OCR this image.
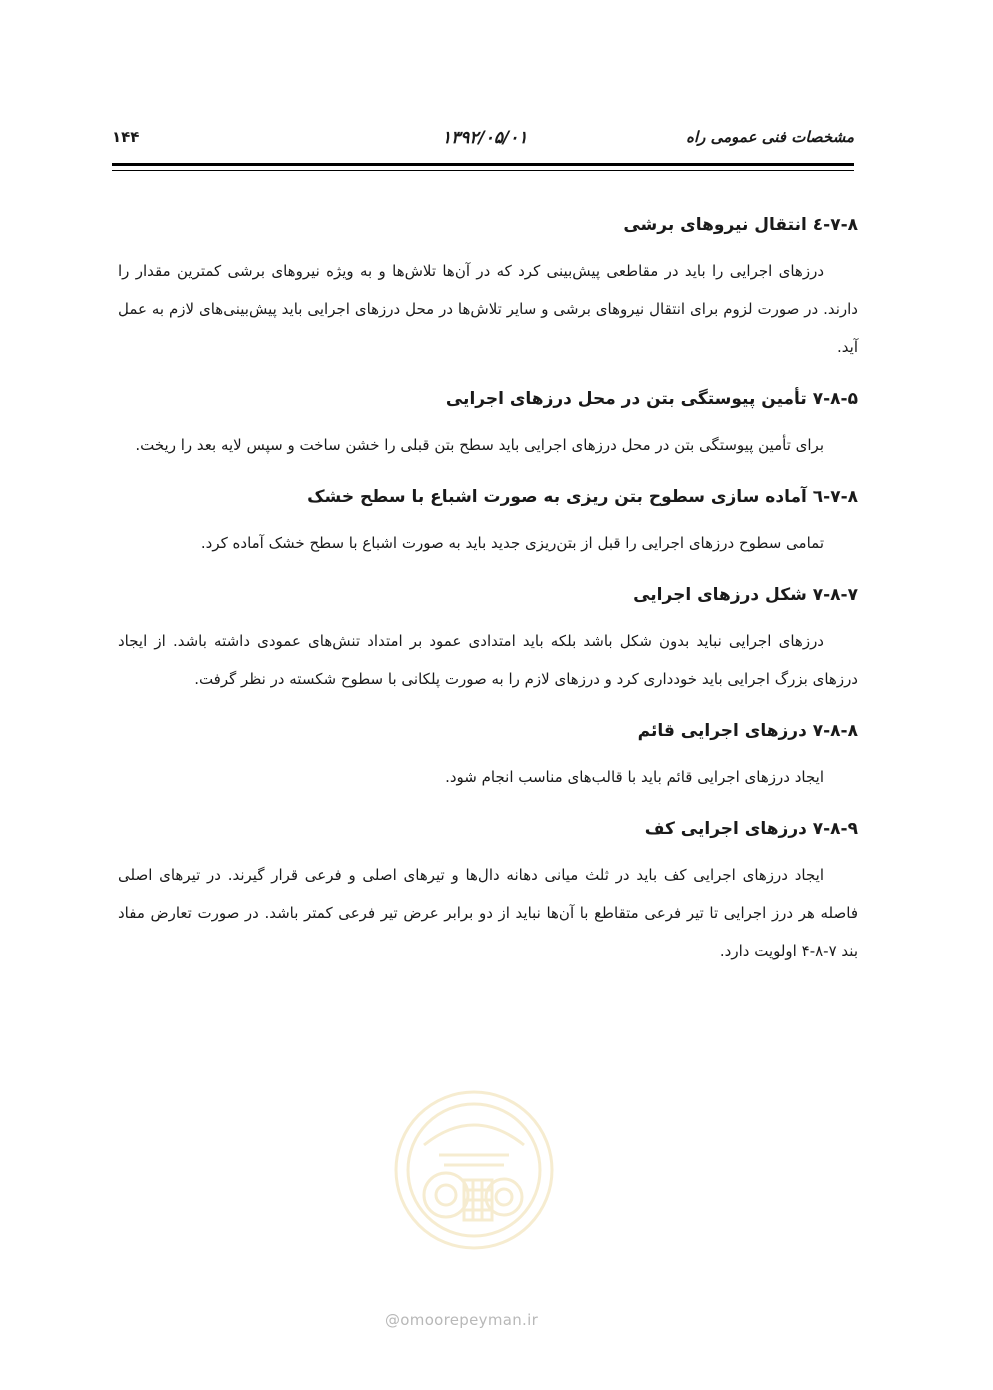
۱۴۴	۱۳۹۲/۰۵/۰۱	مشخصات فنی عمومی راه
۷-۸-٤ انتقال نیروهای برشی

درزهای اجرایی را باید در مقاطعی پیش‌بینی کرد که در آن‌ها تلاش‌ها و به ویژه نیروهای برشی کمترین مقدار را دارند. در صورت لزوم برای انتقال نیروهای برشی و سایر تلاش‌ها در محل درزهای اجرایی باید پیش‌بینی‌های لازم به عمل آید.

۷-۸-۵ تأمین پیوستگی بتن در محل درزهای اجرایی

برای تأمین پیوستگی بتن در محل درزهای اجرایی باید سطح بتن قبلی را خشن ساخت و سپس لایه بعد را ریخت.

۷-۸-٦ آماده سازی سطوح بتن ریزی به صورت اشباع با سطح خشک

تمامی سطوح درزهای اجرایی را قبل از بتن‌ریزی جدید باید به صورت اشباع با سطح خشک آماده کرد.

۷-۸-۷ شکل درزهای اجرایی

درزهای اجرایی نباید بدون شکل باشد بلکه باید امتدادی عمود بر امتداد تنش‌های عمودی داشته باشد. از ایجاد درزهای بزرگ اجرایی باید خودداری کرد و درزهای لازم را به صورت پلکانی با سطوح شکسته در نظر گرفت.

۷-۸-۸ درزهای اجرایی قائم

ایجاد درزهای اجرایی قائم باید با قالب‌های مناسب انجام شود.

۷-۸-۹ درزهای اجرایی کف

ایجاد درزهای اجرایی کف باید در ثلث میانی دهانه دال‌ها و تیرهای اصلی و فرعی قرار گیرند. در تیرهای اصلی فاصله هر درز اجرایی تا تیر فرعی متقاطع با آن‌ها نباید از دو برابر عرض تیر فرعی کمتر باشد. در صورت تعارض مفاد بند ۷-۸-۴ اولویت دارد.

@omoorepeyman.ir
